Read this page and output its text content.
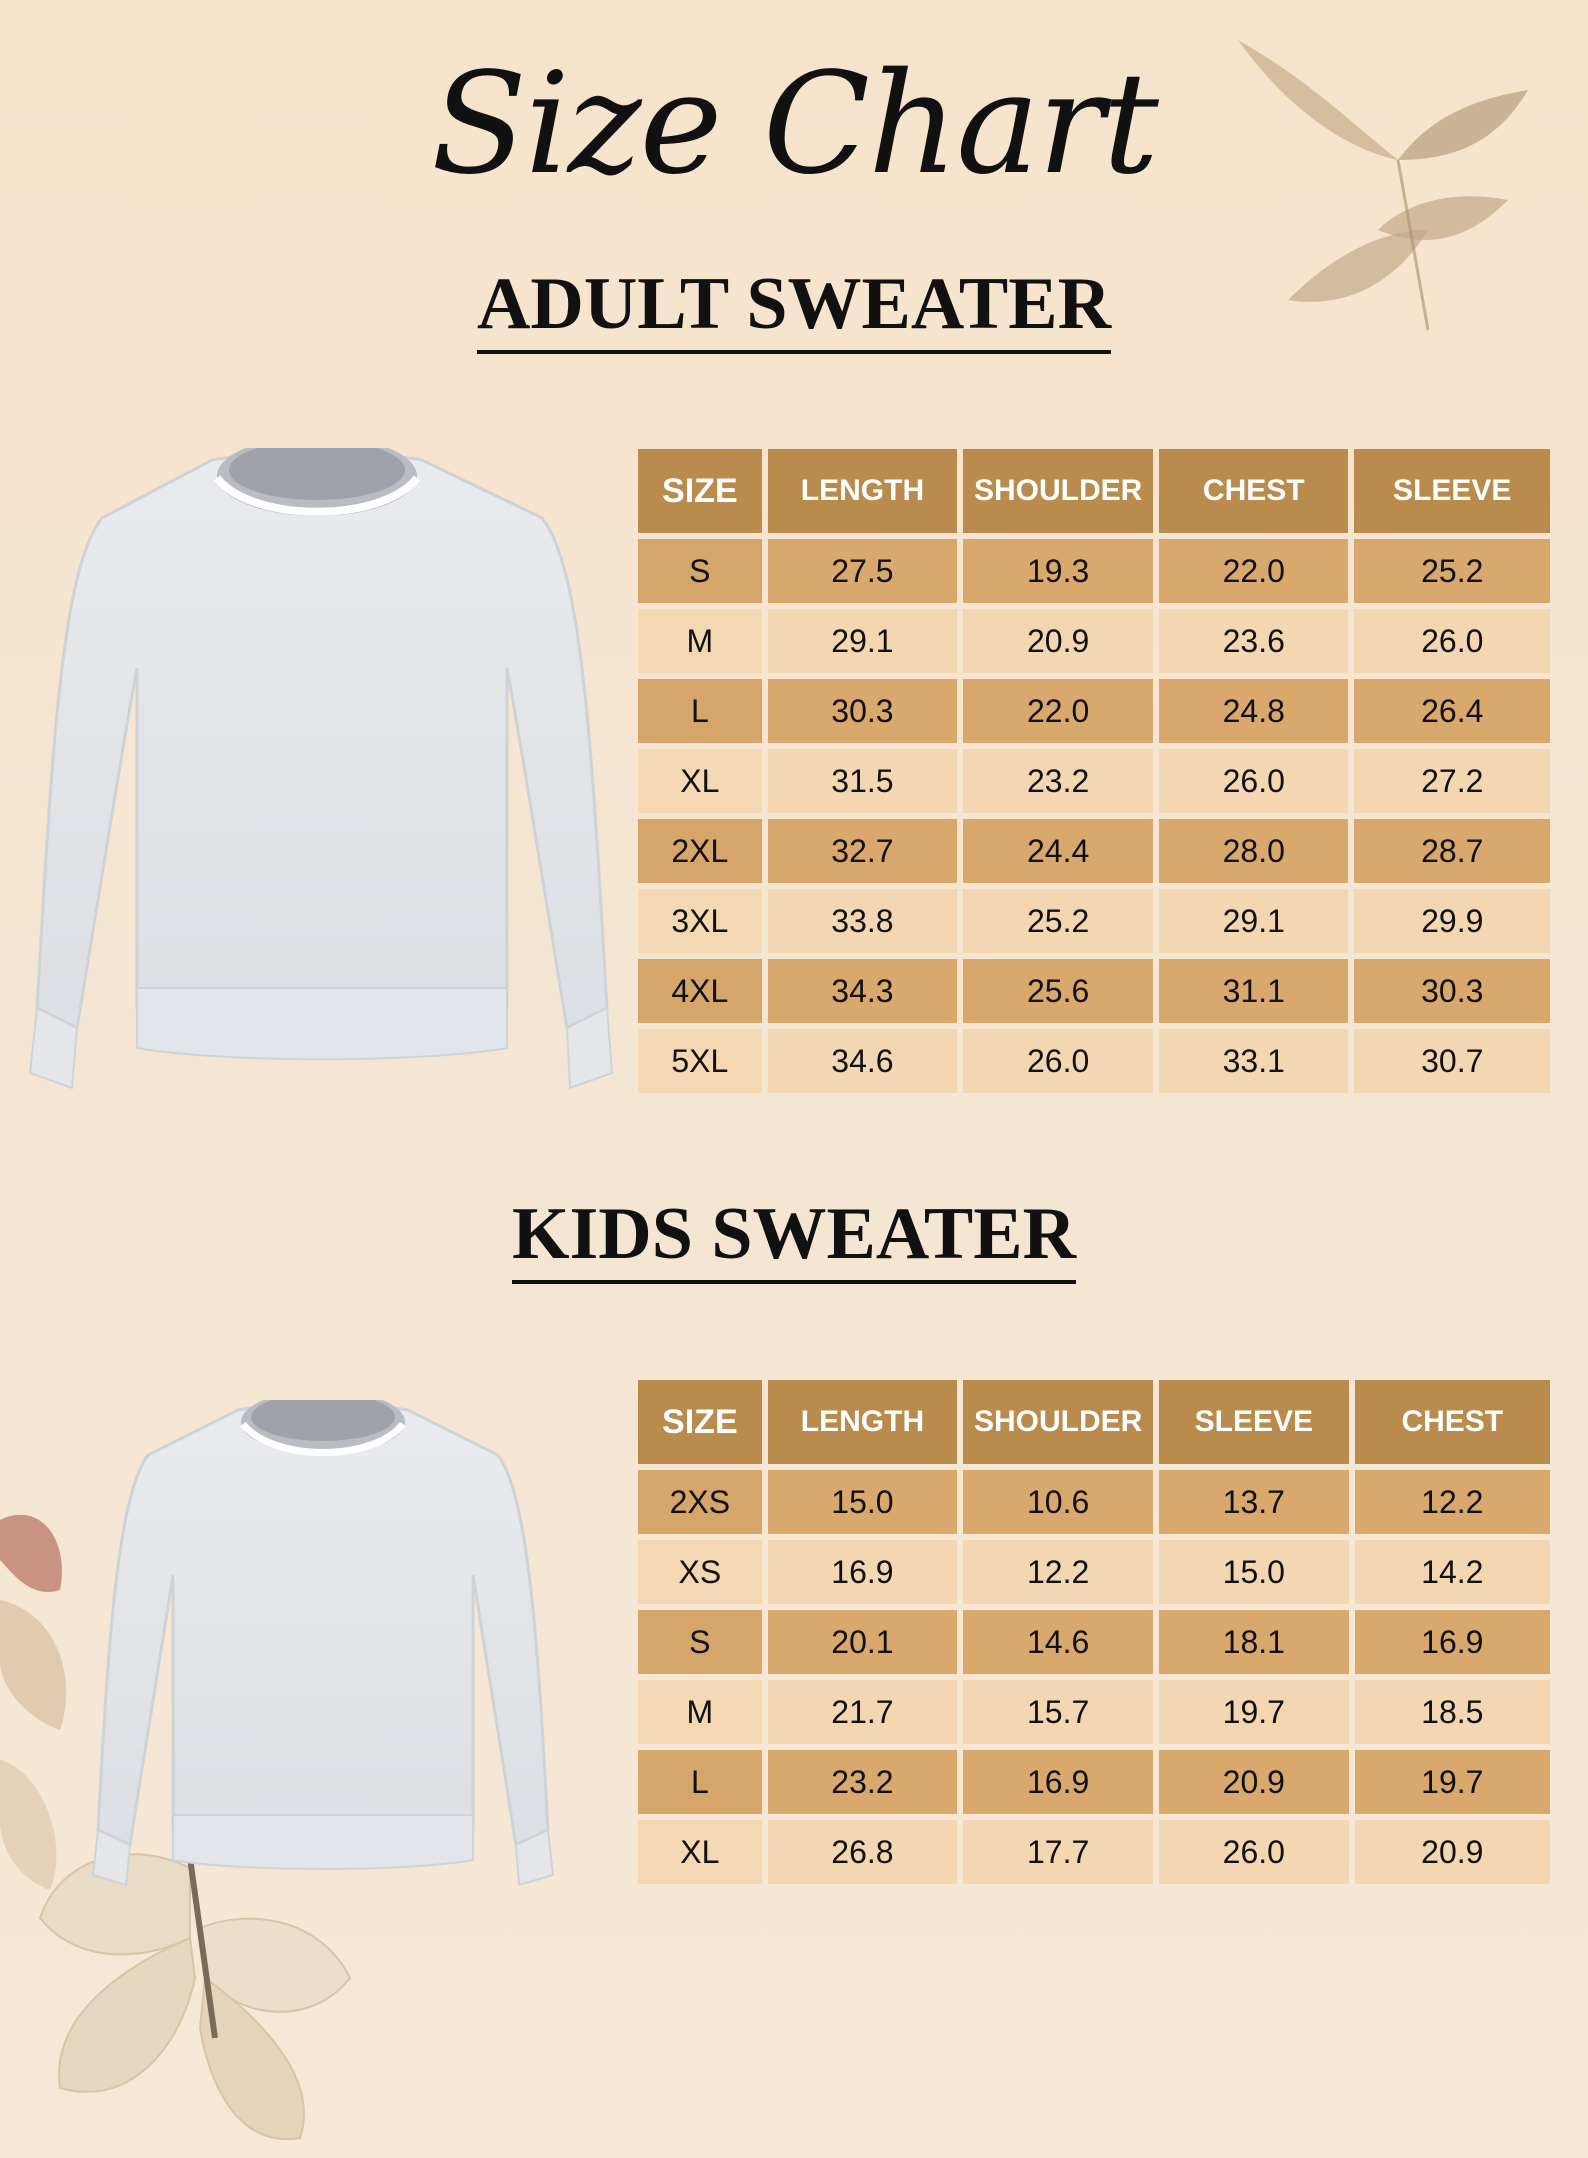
Size Chart
ADULT SWEATER
SIZE	LENGTH	SHOULDER	CHEST	SLEEVE
S	27.5	19.3	22.0	25.2
M	29.1	20.9	23.6	26.0
L	30.3	22.0	24.8	26.4
XL	31.5	23.2	26.0	27.2
2XL	32.7	24.4	28.0	28.7
3XL	33.8	25.2	29.1	29.9
4XL	34.3	25.6	31.1	30.3
5XL	34.6	26.0	33.1	30.7
KIDS SWEATER
SIZE	LENGTH	SHOULDER	SLEEVE	CHEST
2XS	15.0	10.6	13.7	12.2
XS	16.9	12.2	15.0	14.2
S	20.1	14.6	18.1	16.9
M	21.7	15.7	19.7	18.5
L	23.2	16.9	20.9	19.7
XL	26.8	17.7	26.0	20.9
